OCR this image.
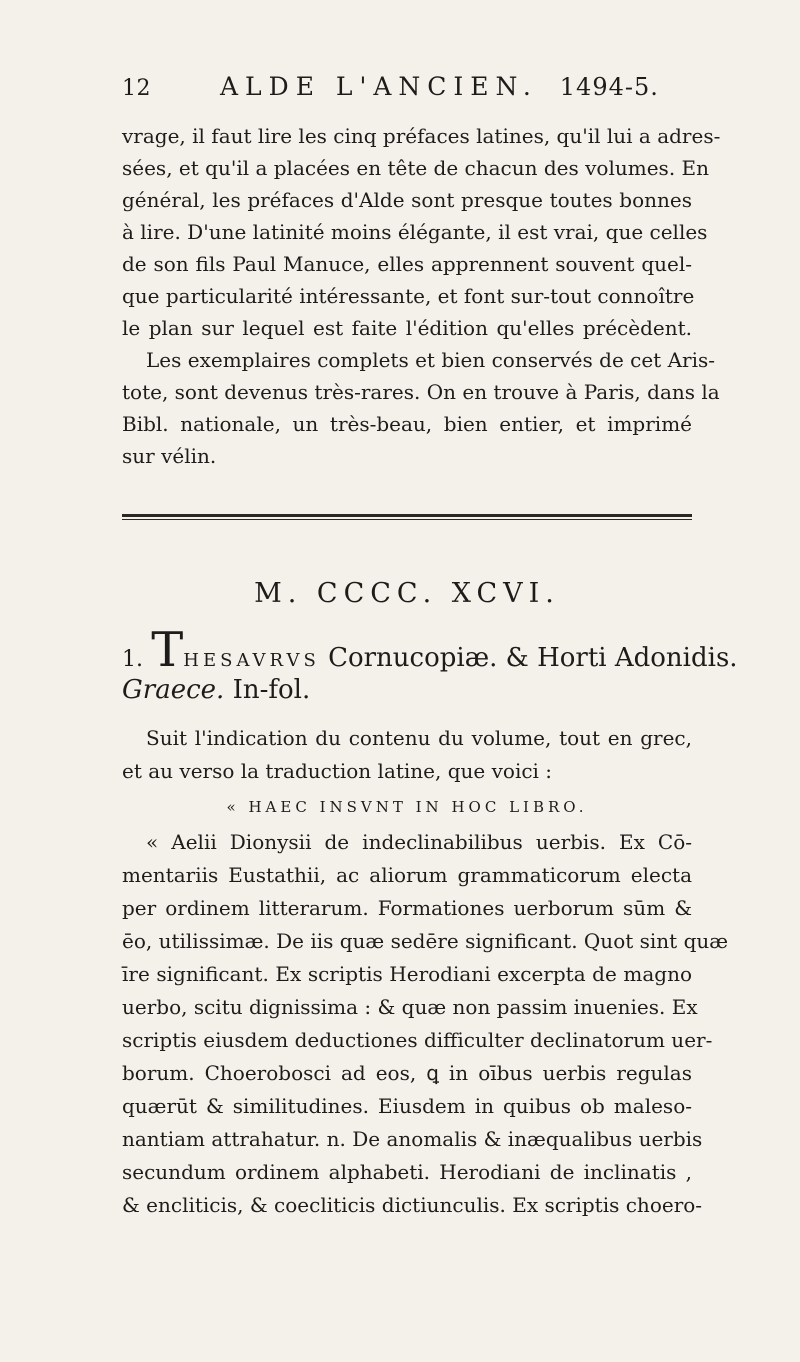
12	ALDE L'ANCIEN. 1494-5.
vrage, il faut lire les cinq préfaces latines, qu'il lui a adres-
sées, et qu'il a placées en tête de chacun des volumes. En
général, les préfaces d'Alde sont presque toutes bonnes
à lire. D'une latinité moins élégante, il est vrai, que celles
de son fils Paul Manuce, elles apprennent souvent quel-
que particularité intéressante, et font sur-tout connoître
le plan sur lequel est faite l'édition qu'elles précèdent.
Les exemplaires complets et bien conservés de cet Aris-
tote, sont devenus très-rares. On en trouve à Paris, dans la
Bibl. nationale, un très-beau, bien entier, et imprimé
sur vélin.
M. CCCC. XCVI.
1. THESAVRVS Cornucopiæ. & Horti Adonidis.
Graece. In-fol.
Suit l'indication du contenu du volume, tout en grec,
et au verso la traduction latine, que voici :
« HAEC INSVNT IN HOC LIBRO.
« Aelii Dionysii de indeclinabilibus uerbis. Ex Cō-
mentariis Eustathii, ac aliorum grammaticorum electa
per ordinem litterarum. Formationes uerborum sūm &
ēo, utilissimæ. De iis quæ sedēre significant. Quot sint quæ
īre significant. Ex scriptis Herodiani excerpta de magno
uerbo, scitu dignissima : & quæ non passim inuenies. Ex
scriptis eiusdem deductiones difficulter declinatorum uer-
borum. Choerobosci ad eos, ꝗ in oībus uerbis regulas
quærūt & similitudines. Eiusdem in quibus ob maleso-
nantiam attrahatur. n. De anomalis & inæqualibus uerbis
secundum ordinem alphabeti. Herodiani de inclinatis ,
& encliticis, & coecliticis dictiunculis. Ex scriptis choero-
